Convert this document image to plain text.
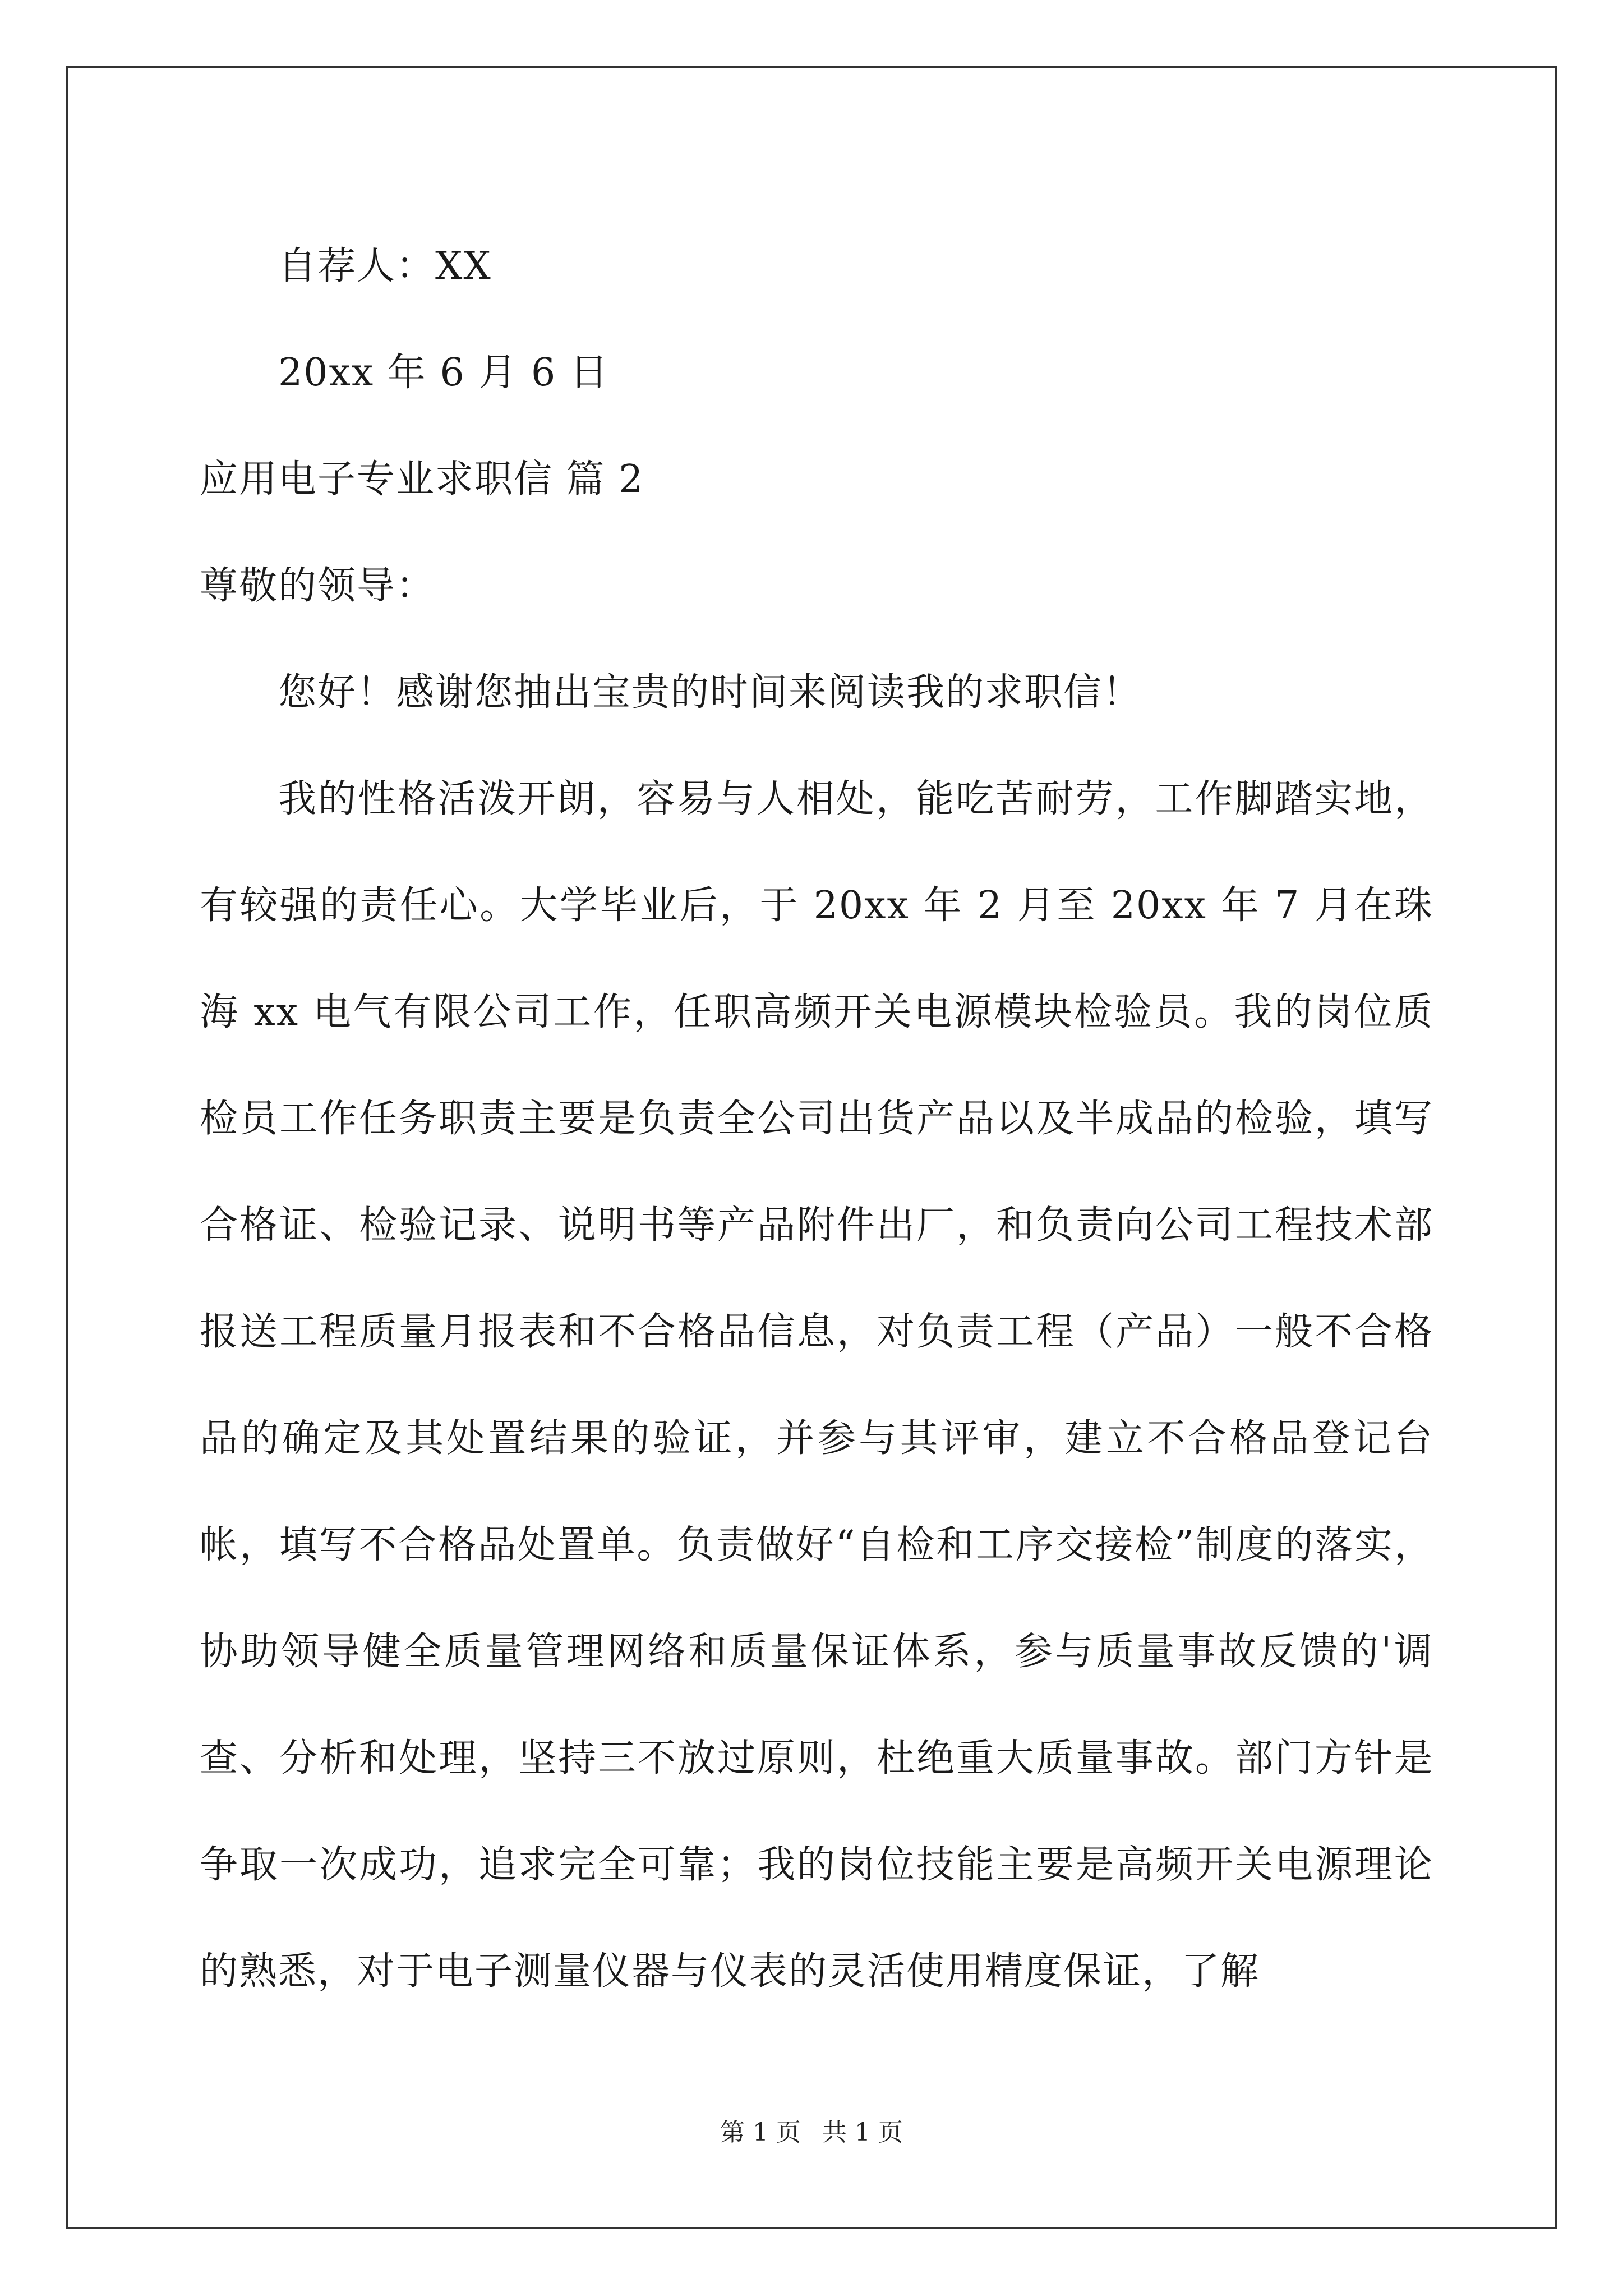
自荐人：XX
20xx 年 6 月 6 日
应用电子专业求职信 篇 2
尊敬的领导：
您好！感谢您抽出宝贵的时间来阅读我的求职信！

我的性格活泼开朗，容易与人相处，能吃苦耐劳，工作脚踏实地，有较强的责任心。大学毕业后，于 20xx 年 2 月至 20xx 年 7 月在珠海 xx 电气有限公司工作，任职高频开关电源模块检验员。我的岗位质检员工作任务职责主要是负责全公司出货产品以及半成品的检验，填写合格证、检验记录、说明书等产品附件出厂，和负责向公司工程技术部报送工程质量月报表和不合格品信息，对负责工程（产品）一般不合格品的确定及其处置结果的验证，并参与其评审，建立不合格品登记台帐，填写不合格品处置单。负责做好“自检和工序交接检”制度的落实，协助领导健全质量管理网络和质量保证体系，参与质量事故反馈的'调查、分析和处理，坚持三不放过原则，杜绝重大质量事故。部门方针是争取一次成功，追求完全可靠；我的岗位技能主要是高频开关电源理论的熟悉，对于电子测量仪器与仪表的灵活使用精度保证，了解

第 1 页 共 1 页
